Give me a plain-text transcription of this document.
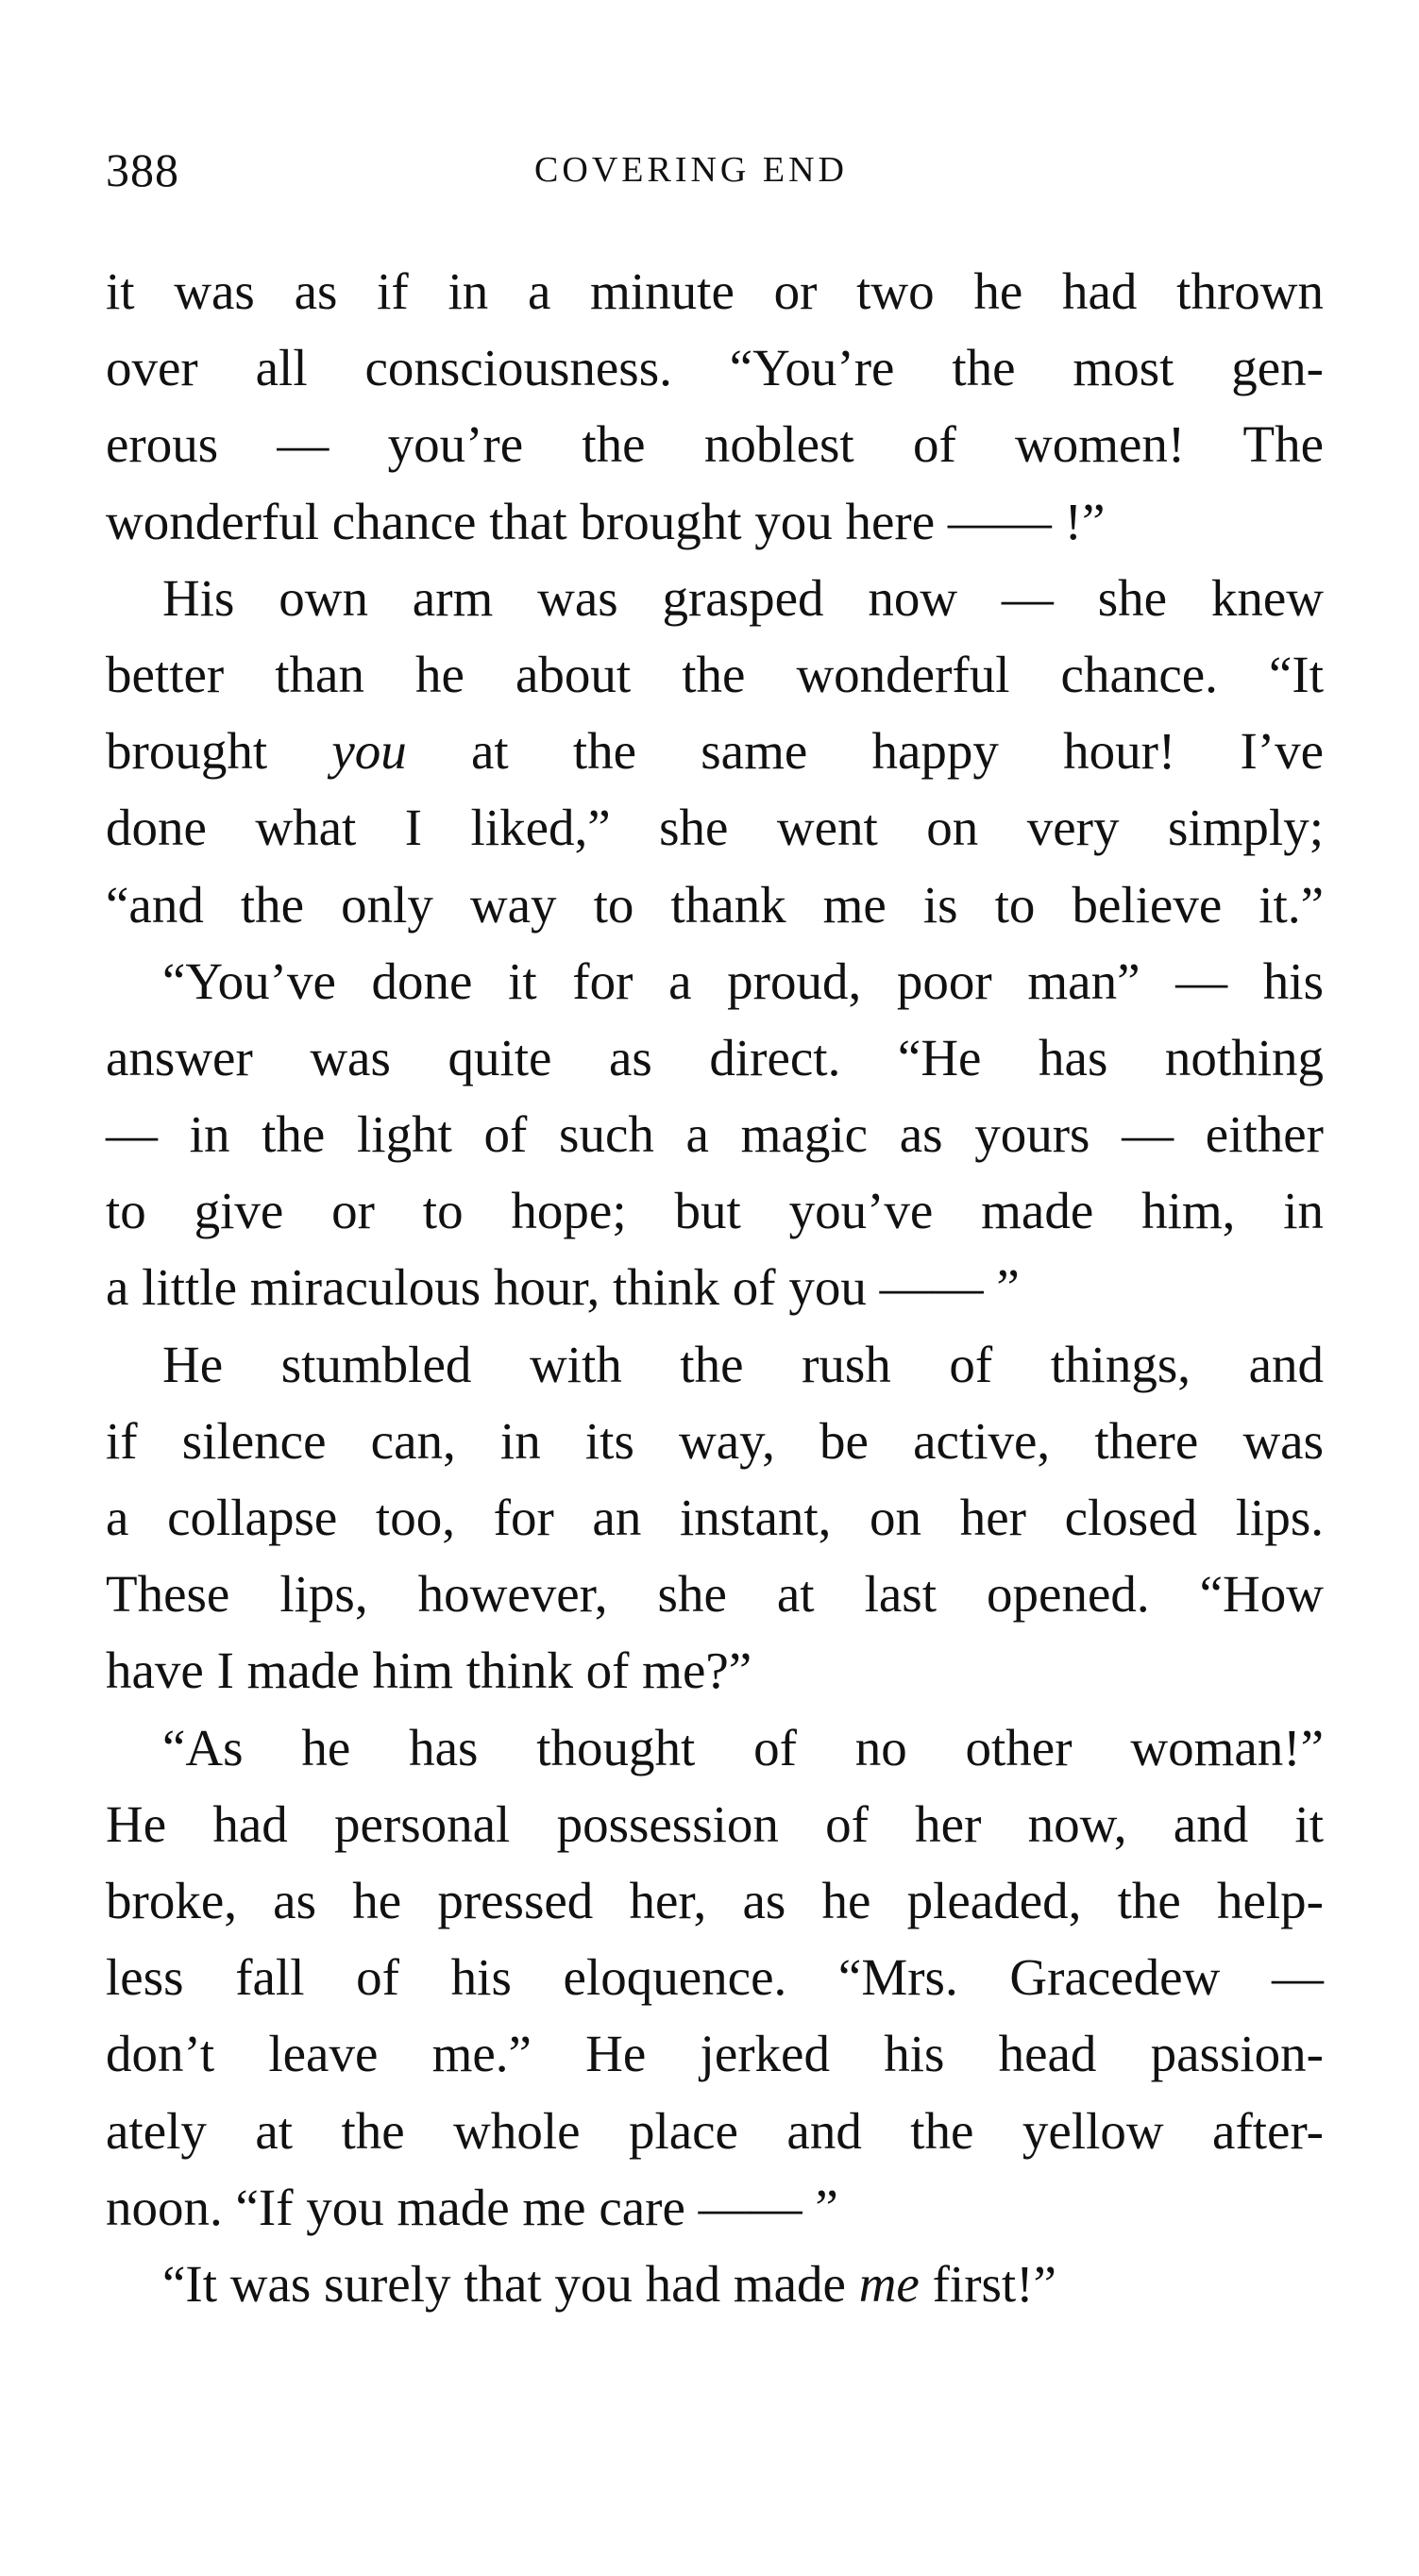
388	COVERING END
it was as if in a minute or two he had thrown
over all consciousness. “You’re the most gen-
erous — you’re the noblest of women! The
wonderful chance that brought you here —— !”
His own arm was grasped now — she knew
better than he about the wonderful chance. “It
brought you at the same happy hour! I’ve
done what I liked,” she went on very simply;
“and the only way to thank me is to believe it.”
“You’ve done it for a proud, poor man” — his
answer was quite as direct. “He has nothing
— in the light of such a magic as yours — either
to give or to hope; but you’ve made him, in
a little miraculous hour, think of you —— ”
He stumbled with the rush of things, and
if silence can, in its way, be active, there was
a collapse too, for an instant, on her closed lips.
These lips, however, she at last opened. “How
have I made him think of me?”
“As he has thought of no other woman!”
He had personal possession of her now, and it
broke, as he pressed her, as he pleaded, the help-
less fall of his eloquence. “Mrs. Gracedew —
don’t leave me.” He jerked his head passion-
ately at the whole place and the yellow after-
noon. “If you made me care —— ”
“It was surely that you had made me first!”
